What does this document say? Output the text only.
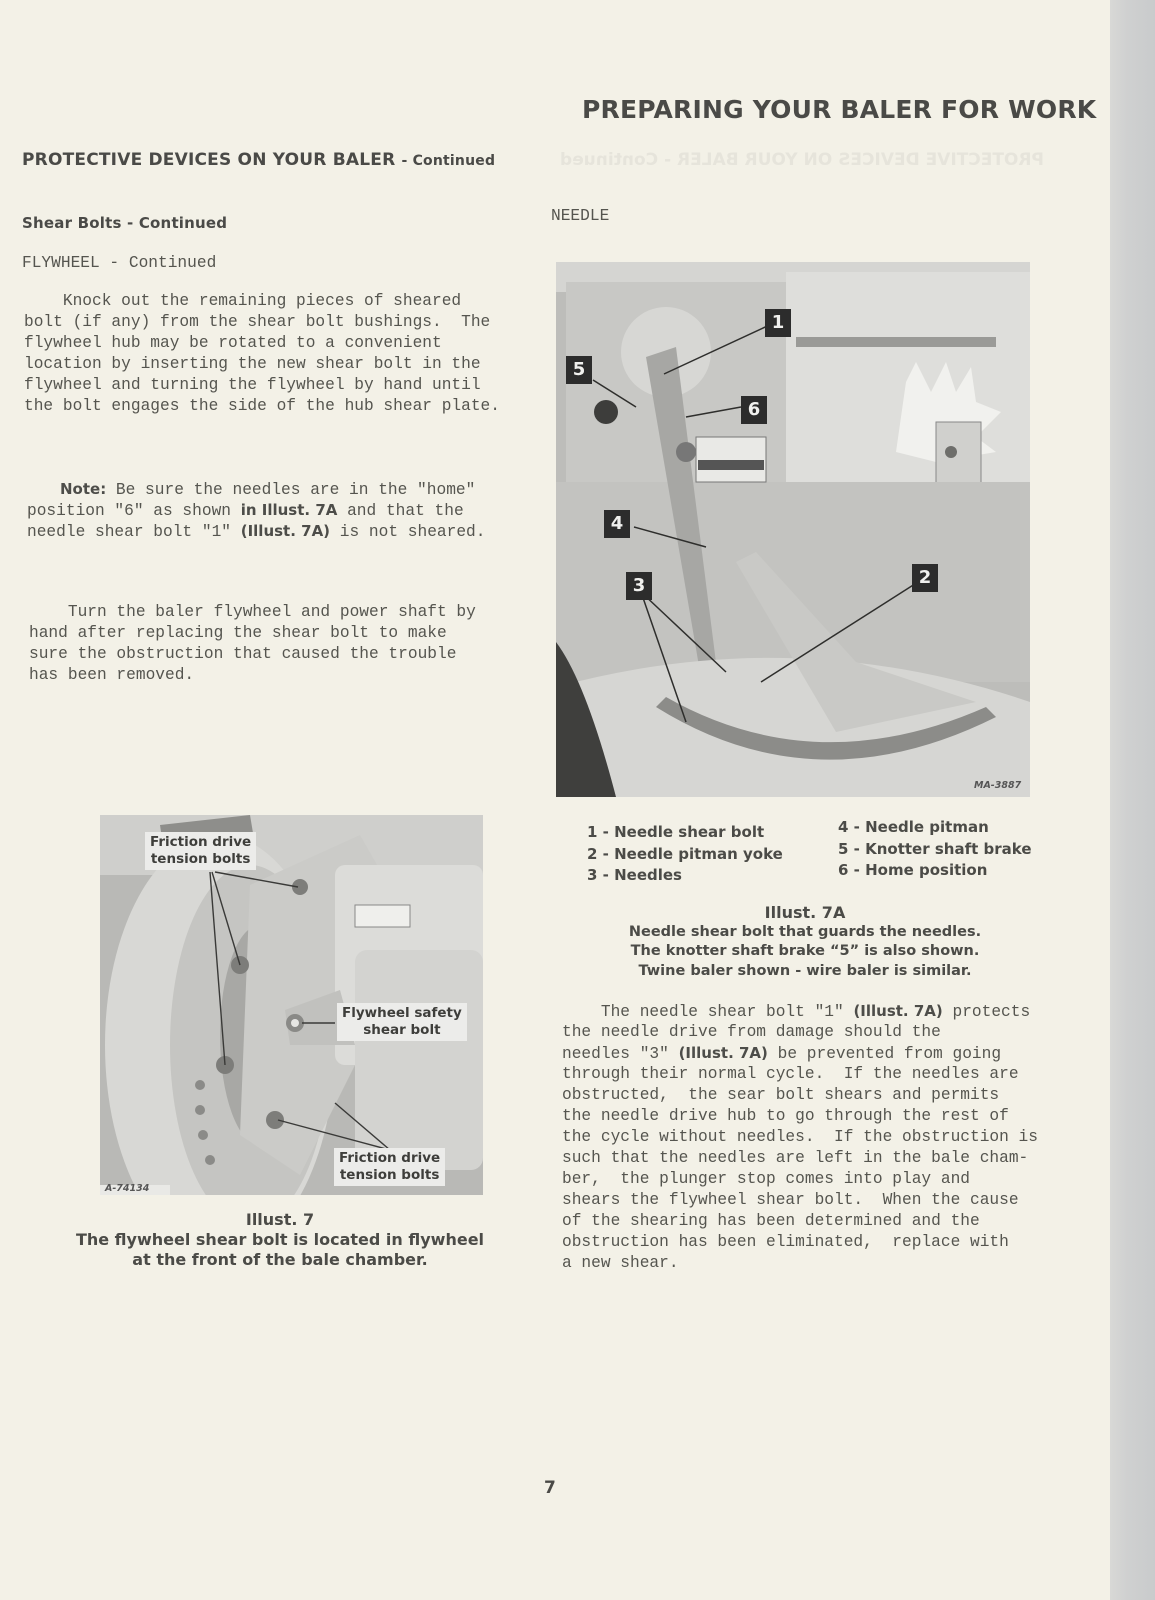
PROTECTIVE DEVICES ON YOUR BALER - Continued
PREPARING YOUR BALER FOR WORK
PROTECTIVE DEVICES ON YOUR BALER - Continued
Shear Bolts - Continued
FLYWHEEL - Continued
Knock out the remaining pieces of sheared
bolt (if any) from the shear bolt bushings.  The
flywheel hub may be rotated to a convenient
location by inserting the new shear bolt in the
flywheel and turning the flywheel by hand until
the bolt engages the side of the hub shear plate.
Note: Be sure the needles are in the "home"
position "6" as shown in Illust. 7A and that the
needle shear bolt "1" (Illust. 7A) is not sheared.
Turn the baler flywheel and power shaft by
hand after replacing the shear bolt to make
sure the obstruction that caused the trouble
has been removed.
Friction drive
tension bolts
Flywheel safety
shear bolt
Friction drive
tension bolts
A-74134
Illust. 7
The flywheel shear bolt is located in flywheel
at the front of the bale chamber.
NEEDLE
1
2
3
4
5
6
MA-3887
1 - Needle shear bolt
2 - Needle pitman yoke
3 - Needles
4 - Needle pitman
5 - Knotter shaft brake
6 - Home position
Illust. 7A
Needle shear bolt that guards the needles.
The knotter shaft brake “5” is also shown.
Twine baler shown - wire baler is similar.
The needle shear bolt "1" (Illust. 7A) protects
the needle drive from damage should the
needles "3" (Illust. 7A) be prevented from going
through their normal cycle.  If the needles are
obstructed,  the sear bolt shears and permits
the needle drive hub to go through the rest of
the cycle without needles.  If the obstruction is
such that the needles are left in the bale cham-
ber,  the plunger stop comes into play and
shears the flywheel shear bolt.  When the cause
of the shearing has been determined and the
obstruction has been eliminated,  replace with
a new shear.
7
